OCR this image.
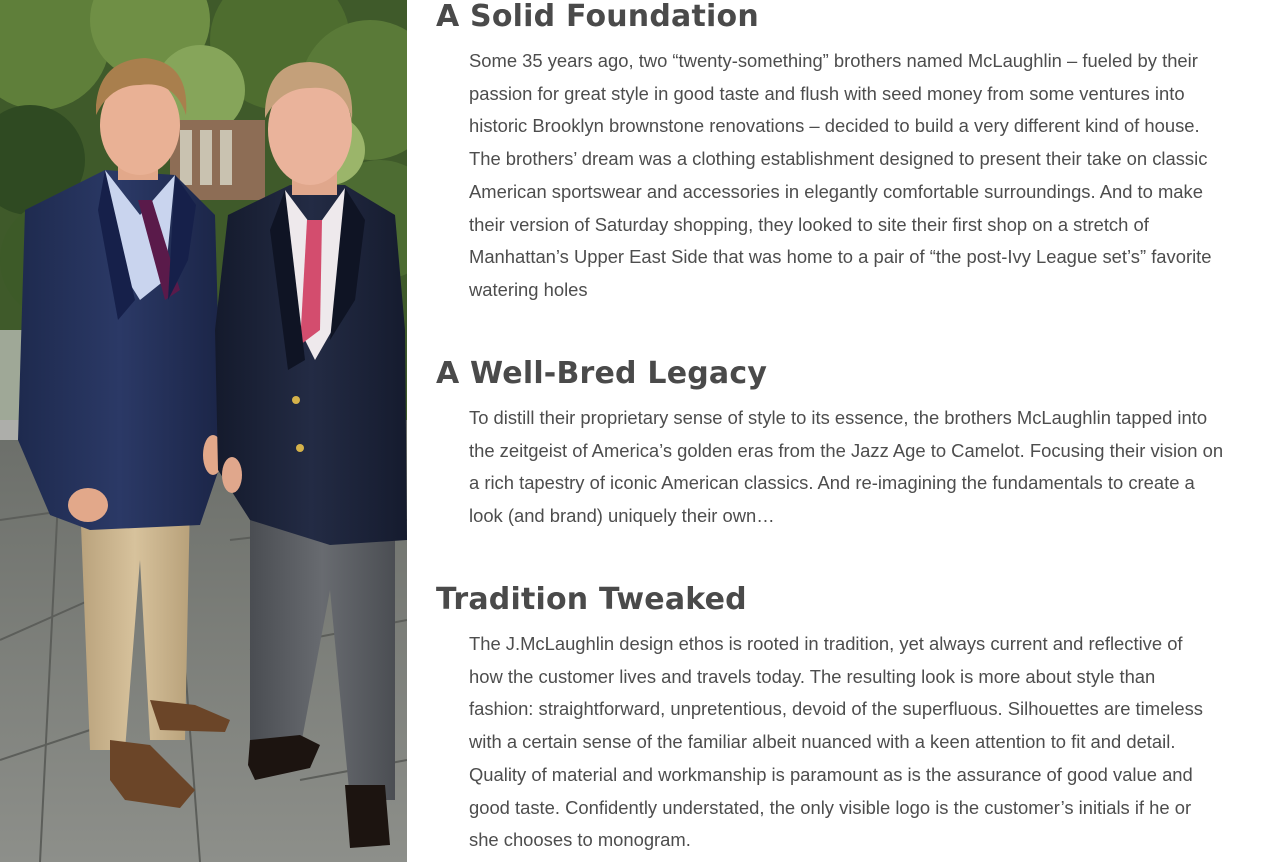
A Solid Foundation

Some 35 years ago, two “twenty-something” brothers named McLaughlin – fueled by their
passion for great style in good taste and flush with seed money from some ventures into
historic Brooklyn brownstone renovations – decided to build a very different kind of house.
The brothers’ dream was a clothing establishment designed to present their take on classic
American sportswear and accessories in elegantly comfortable surroundings. And to make
their version of Saturday shopping, they looked to site their first shop on a stretch of
Manhattan’s Upper East Side that was home to a pair of “the post-Ivy League set’s” favorite
watering holes

A Well-Bred Legacy

To distill their proprietary sense of style to its essence, the brothers McLaughlin tapped into
the zeitgeist of America’s golden eras from the Jazz Age to Camelot. Focusing their vision on
a rich tapestry of iconic American classics. And re-imagining the fundamentals to create a
look (and brand) uniquely their own…

Tradition Tweaked

The J.McLaughlin design ethos is rooted in tradition, yet always current and reflective of
how the customer lives and travels today. The resulting look is more about style than
fashion: straightforward, unpretentious, devoid of the superfluous. Silhouettes are timeless
with a certain sense of the familiar albeit nuanced with a keen attention to fit and detail.
Quality of material and workmanship is paramount as is the assurance of good value and
good taste. Confidently understated, the only visible logo is the customer’s initials if he or
she chooses to monogram.
